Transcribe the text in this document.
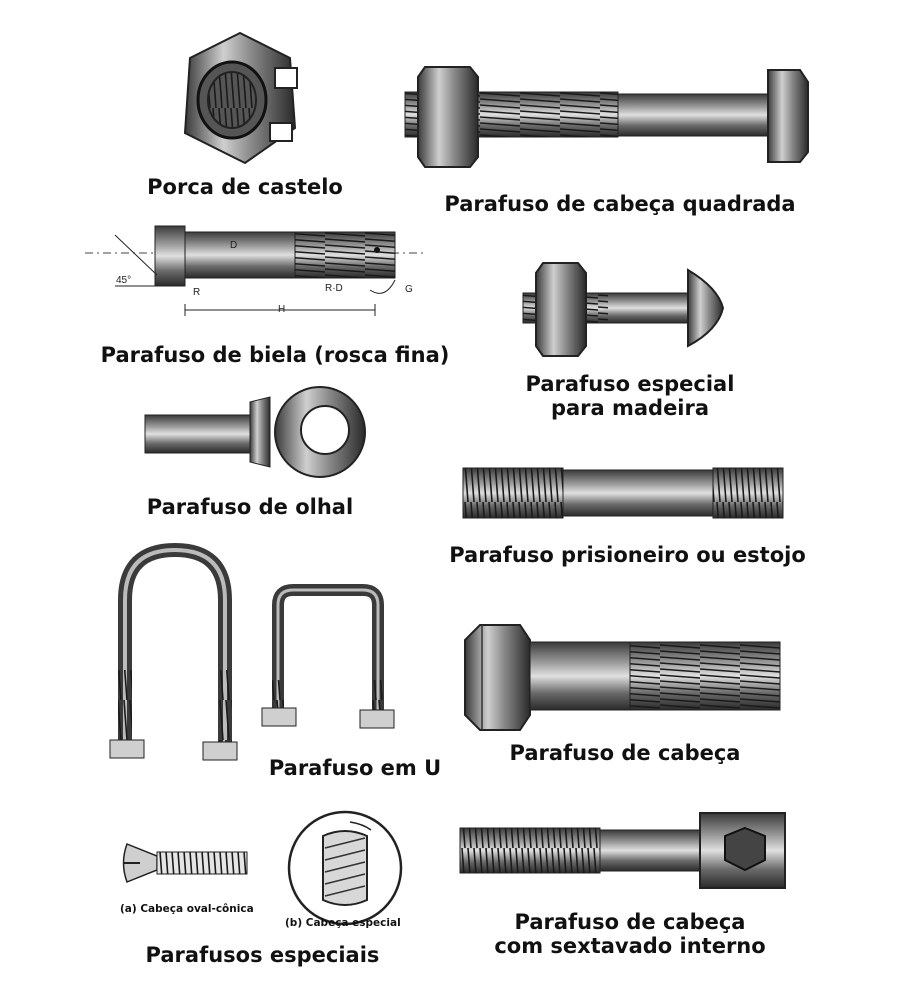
Porca de castelo
Parafuso de cabeça quadrada
45°
D
R	R·D	G
H
Parafuso de biela (rosca fina)
Parafuso especial
para madeira
Parafuso de olhal
Parafuso prisioneiro ou estojo
Parafuso em U
Parafuso de cabeça
(a) Cabeça oval-cônica
(b) Cabeça especial
Parafusos especiais
Parafuso de cabeça
com sextavado interno
